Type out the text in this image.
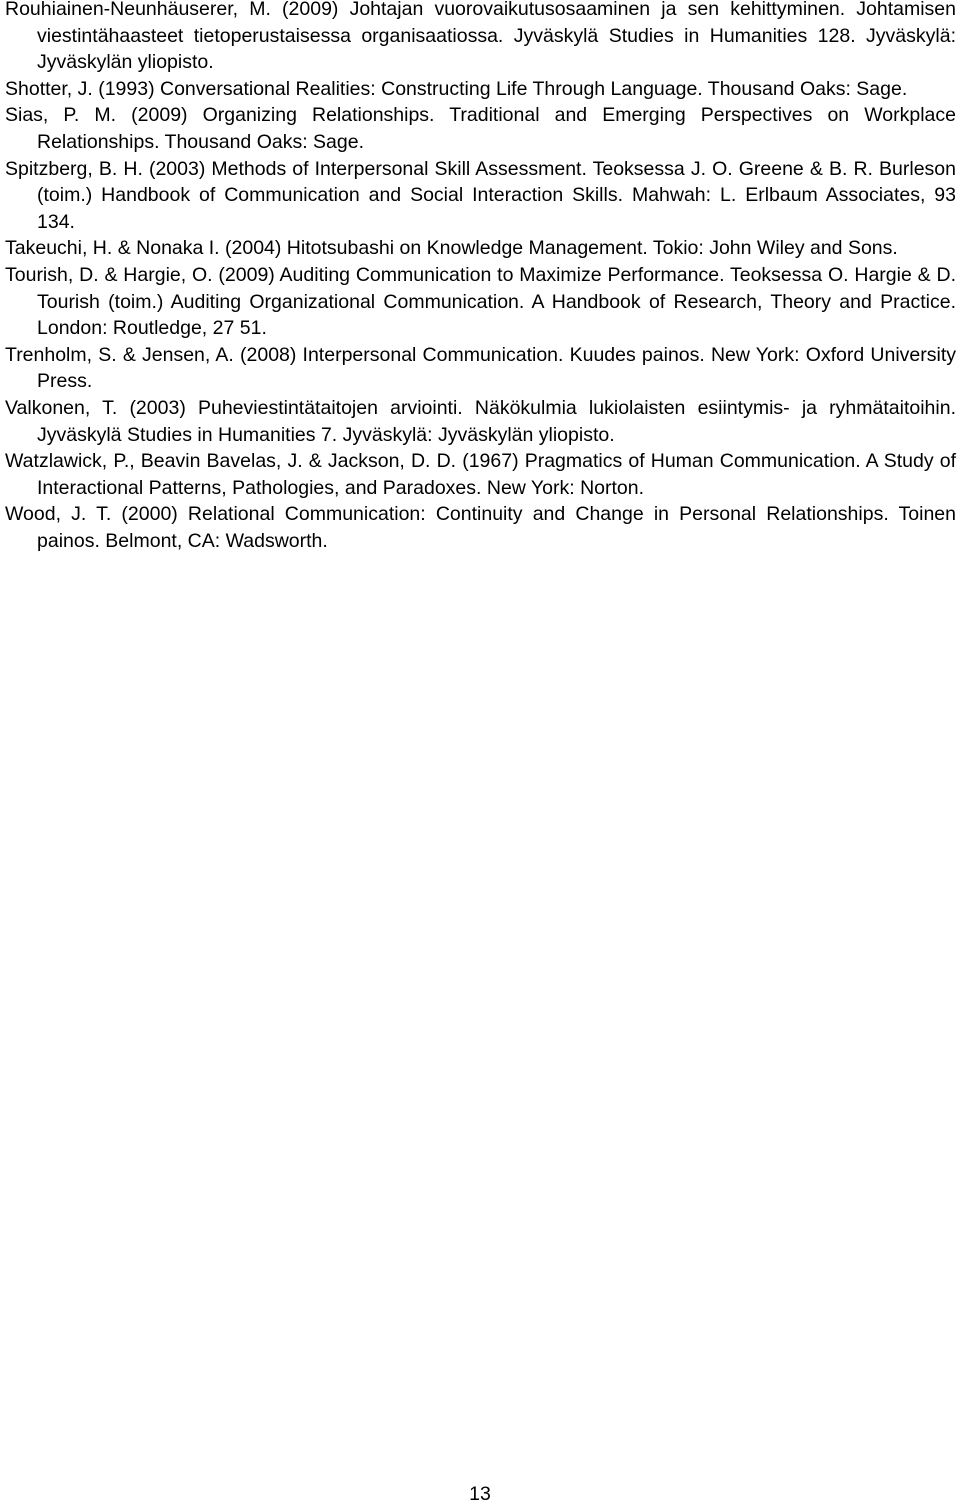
Rouhiainen-Neunhäuserer, M. (2009) Johtajan vuorovaikutusosaaminen ja sen kehittyminen. Johtamisen viestintähaasteet tietoperustaisessa organisaatiossa. Jyväskylä Studies in Humanities 128. Jyväskylä: Jyväskylän yliopisto.
Shotter, J. (1993) Conversational Realities: Constructing Life Through Language. Thousand Oaks: Sage.
Sias, P. M. (2009) Organizing Relationships. Traditional and Emerging Perspectives on Workplace Relationships. Thousand Oaks: Sage.
Spitzberg, B. H. (2003) Methods of Interpersonal Skill Assessment. Teoksessa J. O. Greene & B. R. Burleson (toim.) Handbook of Communication and Social Interaction Skills. Mahwah: L. Erlbaum Associates, 93 134.
Takeuchi, H. & Nonaka I. (2004) Hitotsubashi on Knowledge Management. Tokio: John Wiley and Sons.
Tourish, D. & Hargie, O. (2009) Auditing Communication to Maximize Performance. Teoksessa O. Hargie & D. Tourish (toim.) Auditing Organizational Communication. A Handbook of Research, Theory and Practice. London: Routledge, 27 51.
Trenholm, S. & Jensen, A. (2008) Interpersonal Communication. Kuudes painos. New York: Oxford University Press.
Valkonen, T. (2003) Puheviestintätaitojen arviointi. Näkökulmia lukiolaisten esiintymis- ja ryhmätaitoihin. Jyväskylä Studies in Humanities 7. Jyväskylä: Jyväskylän yliopisto.
Watzlawick, P., Beavin Bavelas, J. & Jackson, D. D. (1967) Pragmatics of Human Communication. A Study of Interactional Patterns, Pathologies, and Paradoxes. New York: Norton.
Wood, J. T. (2000) Relational Communication: Continuity and Change in Personal Relationships. Toinen painos. Belmont, CA: Wadsworth.
13
